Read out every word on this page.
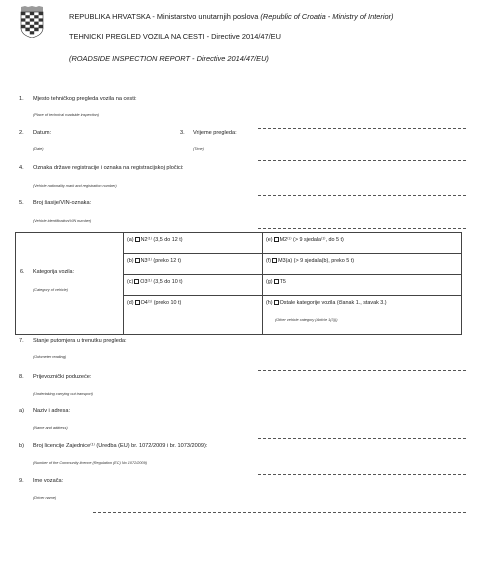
REPUBLIKA HRVATSKA - Ministarstvo unutarnjih poslova (Republic of Croatia - Ministry of Interior)
TEHNICKI PREGLED VOZILA NA CESTI - Directive 2014/47/EU
(ROADSIDE INSPECTION REPORT - Directive 2014/47/EU)
1. Mjesto tehničkog pregleda vozila na cesti:
(Place of technical roadside inspection)
2. Datum:
(Date)
3. Vrijeme pregleda:
(Time)
4. Oznaka države registracije i oznaka na registracijskoj pločici:
(Vehicle nationality mark and registration number)
5. Broj šasije/VIN-oznaka:
(Vehicle identification/VIN number)
6. Kategorija vozila:
(Category of vehicle)	(a) N2⁽¹⁾ (3,5 do 12 t)	(e) M2⁽¹⁾ (> 9 sjedala⁽¹⁾, do 5 t)

	(b) N3⁽¹⁾ (preko 12 t)	(f) M3(a) (> 9 sjedala(b), preko 5 t)

	(c) O3⁽¹⁾ (3,5 do 10 t)	(g) T5

	(d) O4⁽¹⁾ (preko 10 t)	(h) Ostale kategorije vozila (članak 1., stavak 3.)
(Other vehicle category (Article 1(3)))
7. Stanje putomjera u trenutku pregleda:
(Odometer reading)
8. Prijevoznički poduzeće:
(Undertaking carrying out transport)
a) Naziv i adresa:
(Name and address)
b) Broj licencije Zajednice⁽¹⁾ (Uredba (EU) br. 1072/2009 i br. 1073/2009):
(Number of the Community licence (Regulation (EC) No 1072/2009)
9. Ime vozača:
(Driver name)
